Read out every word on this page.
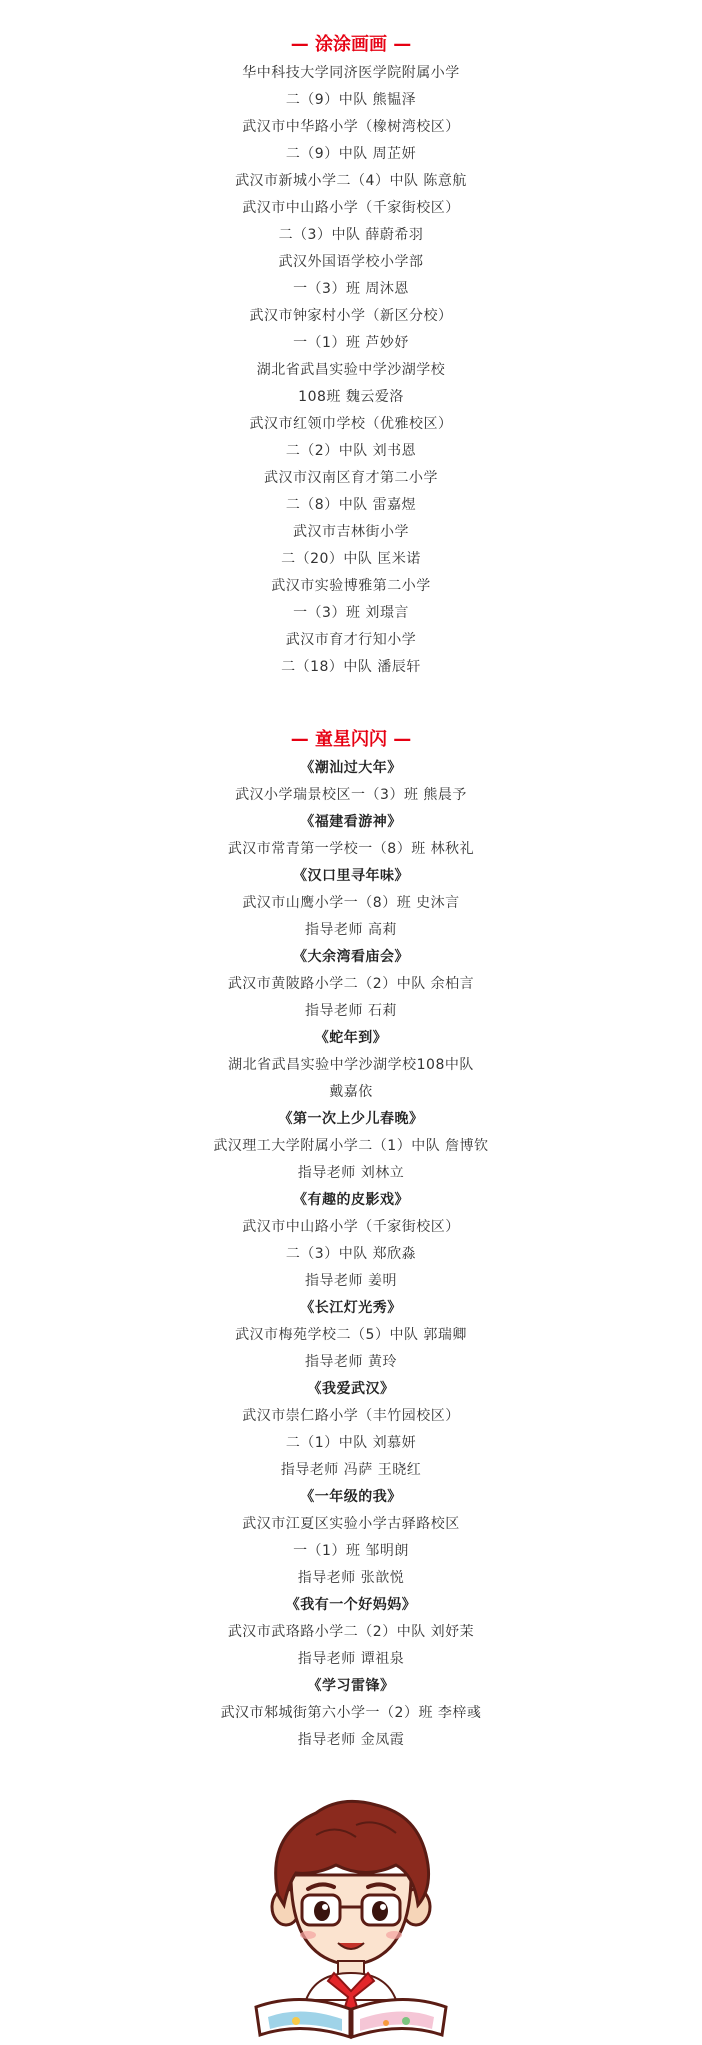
— 涂涂画画 —
华中科技大学同济医学院附属小学
二（9）中队 熊韫泽
武汉市中华路小学（橡树湾校区）
二（9）中队 周芷妍
武汉市新城小学二（4）中队 陈意航
武汉市中山路小学（千家街校区）
二（3）中队 薛蔚希羽
武汉外国语学校小学部
一（3）班 周沐恩
武汉市钟家村小学（新区分校）
一（1）班 芦妙妤
湖北省武昌实验中学沙湖学校
108班 魏云爱洛
武汉市红领巾学校（优雅校区）
二（2）中队 刘书恩
武汉市汉南区育才第二小学
二（8）中队 雷嘉煜
武汉市吉林街小学
二（20）中队 匡米诺
武汉市实验博雅第二小学
一（3）班 刘璟言
武汉市育才行知小学
二（18）中队 潘辰轩
— 童星闪闪 —
《潮汕过大年》
武汉小学瑞景校区一（3）班 熊晨予
《福建看游神》
武汉市常青第一学校一（8）班 林秋礼
《汉口里寻年味》
武汉市山鹰小学一（8）班 史沐言
指导老师 高莉
《大余湾看庙会》
武汉市黄陂路小学二（2）中队 余柏言
指导老师 石莉
《蛇年到》
湖北省武昌实验中学沙湖学校108中队
戴嘉依
《第一次上少儿春晚》
武汉理工大学附属小学二（1）中队 詹博钦
指导老师 刘林立
《有趣的皮影戏》
武汉市中山路小学（千家街校区）
二（3）中队 郑欣淼
指导老师 姜明
《长江灯光秀》
武汉市梅苑学校二（5）中队 郭瑞卿
指导老师 黄玲
《我爱武汉》
武汉市崇仁路小学（丰竹园校区）
二（1）中队 刘慕妍
指导老师 冯萨 王晓红
《一年级的我》
武汉市江夏区实验小学古驿路校区
一（1）班 邹明朗
指导老师 张歆悦
《我有一个好妈妈》
武汉市武珞路小学二（2）中队 刘妤茉
指导老师 谭祖泉
《学习雷锋》
武汉市邾城街第六小学一（2）班 李梓彧
指导老师 金凤霞
